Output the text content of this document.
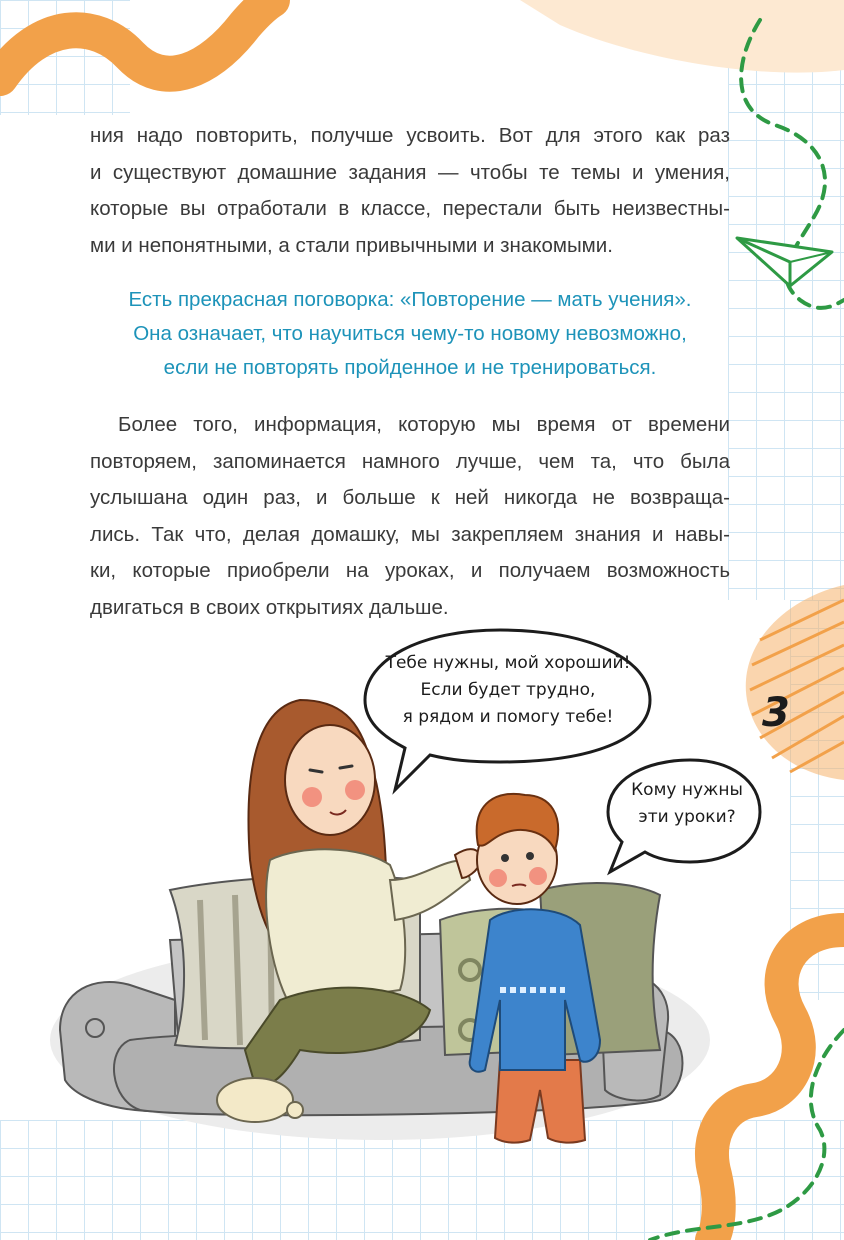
ния надо повторить, получше усвоить. Вот для этого как раз
и существуют домашние задания — чтобы те темы и умения,
которые вы отработали в классе, перестали быть неизвестны-
ми и непонятными, а стали привычными и знакомыми.

Есть прекрасная поговорка: «Повторение — мать учения».
Она означает, что научиться чему-то новому невозможно,
если не повторять пройденное и не тренироваться.

Более того, информация, которую мы время от времени
повторяем, запоминается намного лучше, чем та, что была
услышана один раз, и больше к ней никогда не возвраща-
лись. Так что, делая домашку, мы закрепляем знания и навы-
ки, которые приобрели на уроках, и получаем возможность
двигаться в своих открытиях дальше.

Тебе нужны, мой хороший!
Если будет трудно,
я рядом и помогу тебе!

Кому нужны
эти уроки?

3
